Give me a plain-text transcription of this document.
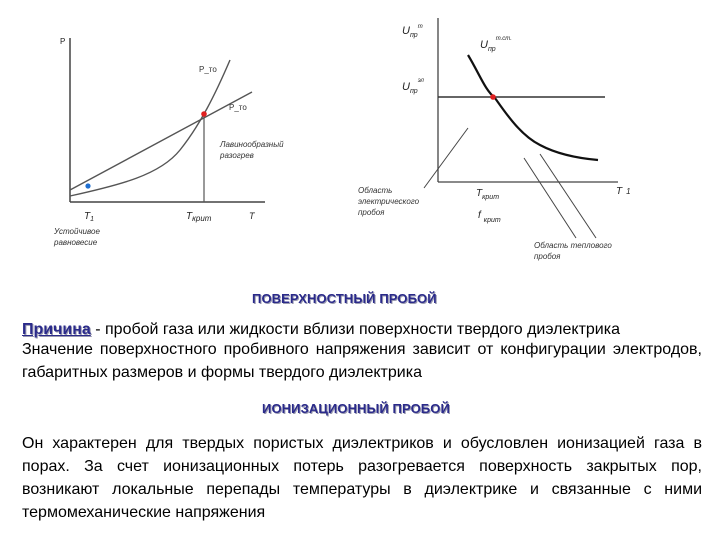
P
T
P_то
P_то
$T_1$	$T_{крит}$
Устойчивое равновесие
Лавинообразный разогрев
$U_{пр}^т$
$U_{пр}^{т.ст.}$
$U_{пр}^{эл}$
T 1
$T_{крит}$
f $_{крит}$
Область электрического пробоя
Область теплового пробоя
ПОВЕРХНОСТНЫЙ ПРОБОЙ
Причина - пробой газа или жидкости вблизи поверхности твердого диэлектрика
Значение поверхностного пробивного напряжения зависит от конфигурации электродов, габаритных размеров и формы твердого диэлектрика
ИОНИЗАЦИОННЫЙ ПРОБОЙ
Он характерен для твердых пористых диэлектриков и обусловлен ионизацией газа в порах. За счет ионизационных потерь разогревается поверхность закрытых пор, возникают локальные перепады температуры в диэлектрике и связанные с ними термомеханические напряжения
